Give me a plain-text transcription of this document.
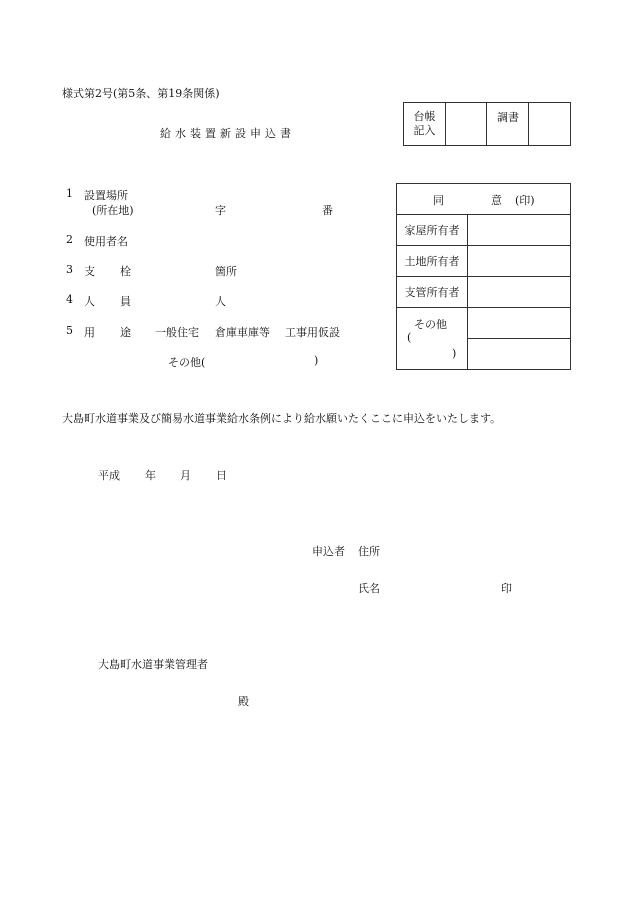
様式第2号(第5条、第19条関係)
給水装置新設申込書
台帳
記入
		調書	
1 設置場所
(所在地)	字	番
2 使用者名
3 支 栓	箇所
4 人 員	人
5 用 途 一般住宅 倉庫車庫等 工事用仮設
その他(	)
同 意 (印)	

家屋所有者	
土地所有者	
支管所有者	

その他
(
)	

大島町水道事業及び簡易水道事業給水条例により給水願いたくここに申込をいたします。
平成 年 月 日
申込者 住所
氏名	印
大島町水道事業管理者
殿
